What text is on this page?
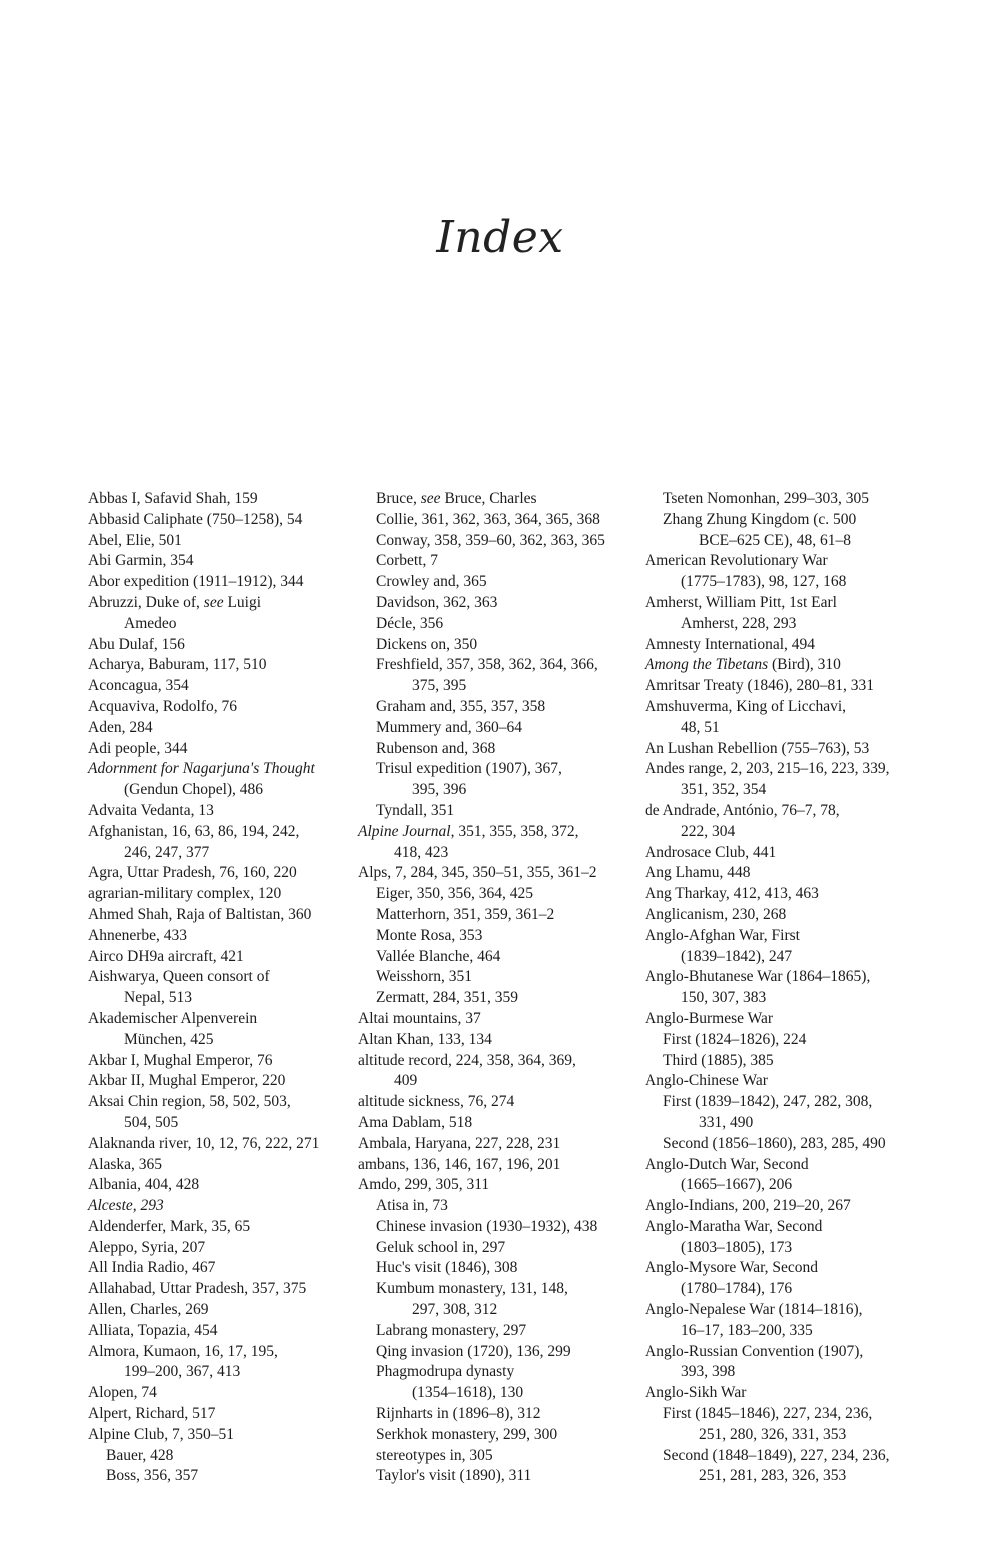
Index
Abbas I, Safavid Shah, 159
Abbasid Caliphate (750–1258), 54
Abel, Elie, 501
Abi Garmin, 354
Abor expedition (1911–1912), 344
Abruzzi, Duke of, see Luigi
Amedeo
Abu Dulaf, 156
Acharya, Baburam, 117, 510
Aconcagua, 354
Acquaviva, Rodolfo, 76
Aden, 284
Adi people, 344
Adornment for Nagarjuna's Thought
(Gendun Chopel), 486
Advaita Vedanta, 13
Afghanistan, 16, 63, 86, 194, 242,
246, 247, 377
Agra, Uttar Pradesh, 76, 160, 220
agrarian-military complex, 120
Ahmed Shah, Raja of Baltistan, 360
Ahnenerbe, 433
Airco DH9a aircraft, 421
Aishwarya, Queen consort of
Nepal, 513
Akademischer Alpenverein
München, 425
Akbar I, Mughal Emperor, 76
Akbar II, Mughal Emperor, 220
Aksai Chin region, 58, 502, 503,
504, 505
Alaknanda river, 10, 12, 76, 222, 271
Alaska, 365
Albania, 404, 428
Alceste, 293
Aldenderfer, Mark, 35, 65
Aleppo, Syria, 207
All India Radio, 467
Allahabad, Uttar Pradesh, 357, 375
Allen, Charles, 269
Alliata, Topazia, 454
Almora, Kumaon, 16, 17, 195,
199–200, 367, 413
Alopen, 74
Alpert, Richard, 517
Alpine Club, 7, 350–51
Bauer, 428
Boss, 356, 357
Bruce, see Bruce, Charles
Collie, 361, 362, 363, 364, 365, 368
Conway, 358, 359–60, 362, 363, 365
Corbett, 7
Crowley and, 365
Davidson, 362, 363
Décle, 356
Dickens on, 350
Freshfield, 357, 358, 362, 364, 366,
375, 395
Graham and, 355, 357, 358
Mummery and, 360–64
Rubenson and, 368
Trisul expedition (1907), 367,
395, 396
Tyndall, 351
Alpine Journal, 351, 355, 358, 372,
418, 423
Alps, 7, 284, 345, 350–51, 355, 361–2
Eiger, 350, 356, 364, 425
Matterhorn, 351, 359, 361–2
Monte Rosa, 353
Vallée Blanche, 464
Weisshorn, 351
Zermatt, 284, 351, 359
Altai mountains, 37
Altan Khan, 133, 134
altitude record, 224, 358, 364, 369,
409
altitude sickness, 76, 274
Ama Dablam, 518
Ambala, Haryana, 227, 228, 231
ambans, 136, 146, 167, 196, 201
Amdo, 299, 305, 311
Atisa in, 73
Chinese invasion (1930–1932), 438
Geluk school in, 297
Huc's visit (1846), 308
Kumbum monastery, 131, 148,
297, 308, 312
Labrang monastery, 297
Qing invasion (1720), 136, 299
Phagmodrupa dynasty
(1354–1618), 130
Rijnharts in (1896–8), 312
Serkhok monastery, 299, 300
stereotypes in, 305
Taylor's visit (1890), 311
Tseten Nomonhan, 299–303, 305
Zhang Zhung Kingdom (c. 500
BCE–625 CE), 48, 61–8
American Revolutionary War
(1775–1783), 98, 127, 168
Amherst, William Pitt, 1st Earl
Amherst, 228, 293
Amnesty International, 494
Among the Tibetans (Bird), 310
Amritsar Treaty (1846), 280–81, 331
Amshuverma, King of Licchavi,
48, 51
An Lushan Rebellion (755–763), 53
Andes range, 2, 203, 215–16, 223, 339,
351, 352, 354
de Andrade, António, 76–7, 78,
222, 304
Androsace Club, 441
Ang Lhamu, 448
Ang Tharkay, 412, 413, 463
Anglicanism, 230, 268
Anglo-Afghan War, First
(1839–1842), 247
Anglo-Bhutanese War (1864–1865),
150, 307, 383
Anglo-Burmese War
First (1824–1826), 224
Third (1885), 385
Anglo-Chinese War
First (1839–1842), 247, 282, 308,
331, 490
Second (1856–1860), 283, 285, 490
Anglo-Dutch War, Second
(1665–1667), 206
Anglo-Indians, 200, 219–20, 267
Anglo-Maratha War, Second
(1803–1805), 173
Anglo-Mysore War, Second
(1780–1784), 176
Anglo-Nepalese War (1814–1816),
16–17, 183–200, 335
Anglo-Russian Convention (1907),
393, 398
Anglo-Sikh War
First (1845–1846), 227, 234, 236,
251, 280, 326, 331, 353
Second (1848–1849), 227, 234, 236,
251, 281, 283, 326, 353
